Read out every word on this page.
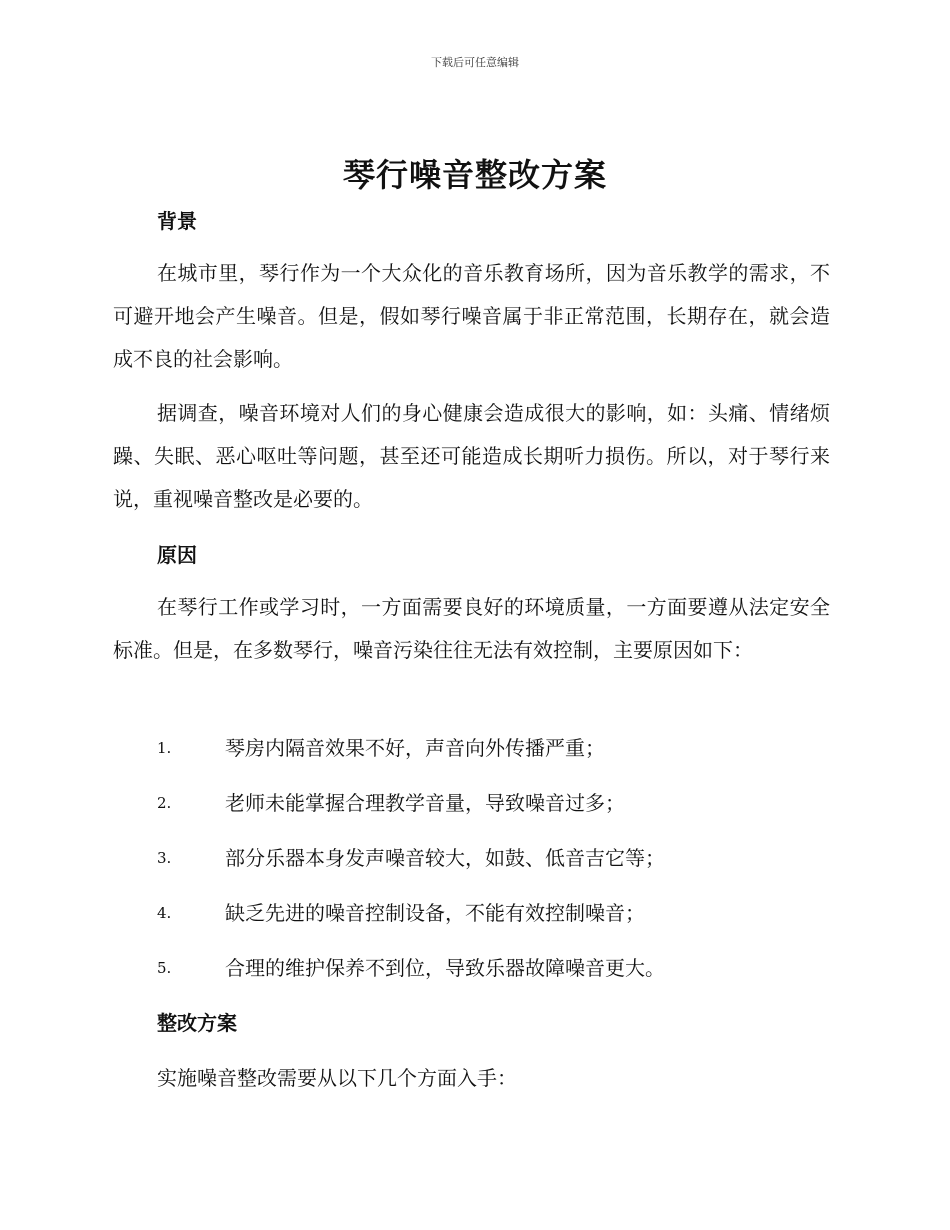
下载后可任意编辑
琴行噪音整改方案
背景

在城市里，琴行作为一个大众化的音乐教育场所，因为音乐教学的需求，不可避开地会产生噪音。但是，假如琴行噪音属于非正常范围，长期存在，就会造成不良的社会影响。

据调查，噪音环境对人们的身心健康会造成很大的影响，如：头痛、情绪烦躁、失眠、恶心呕吐等问题，甚至还可能造成长期听力损伤。所以，对于琴行来说，重视噪音整改是必要的。

原因

在琴行工作或学习时，一方面需要良好的环境质量，一方面要遵从法定安全标准。但是，在多数琴行，噪音污染往往无法有效控制，主要原因如下：

1.	琴房内隔音效果不好，声音向外传播严重；
2.	老师未能掌握合理教学音量，导致噪音过多；
3.	部分乐器本身发声噪音较大，如鼓、低音吉它等；
4.	缺乏先进的噪音控制设备，不能有效控制噪音；
5.	合理的维护保养不到位，导致乐器故障噪音更大。
整改方案

实施噪音整改需要从以下几个方面入手：
